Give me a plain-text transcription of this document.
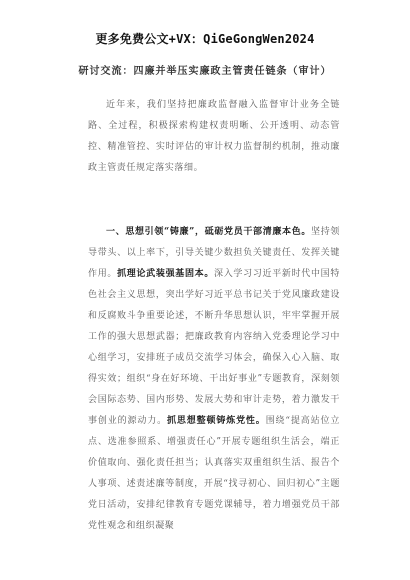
更多免费公文+VX：QiGeGongWen2024
研讨交流：四廉并举压实廉政主管责任链条（审计）
近年来，我们坚持把廉政监督融入监督审计业务全链路、全过程，积极探索构建权责明晰、公开透明、动态管控、精准管控、实时评估的审计权力监督制约机制，推动廉政主管责任规定落实落细。
一、思想引领“铸廉”，砥砺党员干部清廉本色。坚持领导带头、以上率下，引导关键少数担负关键责任、发挥关键作用。抓理论武装强基固本。深入学习习近平新时代中国特色社会主义思想，突出学好习近平总书记关于党风廉政建设和反腐败斗争重要论述，不断升华思想认识，牢牢掌握开展工作的强大思想武器；把廉政教育内容纳入党委理论学习中心组学习，安排班子成员交流学习体会，确保入心入脑、取得实效；组织“身在好环境、干出好事业”专题教育，深刻领会国际态势、国内形势、发展大势和审计走势，着力激发干事创业的源动力。抓思想整顿铸炼党性。围绕“提高站位立点、选准参照系、增强责任心”开展专题组织生活会，端正价值取向、强化责任担当；认真落实双重组织生活、报告个人事项、述责述廉等制度，开展“找寻初心、回归初心”主题党日活动，安排纪律教育专题党课辅导，着力增强党员干部党性观念和组织凝聚
